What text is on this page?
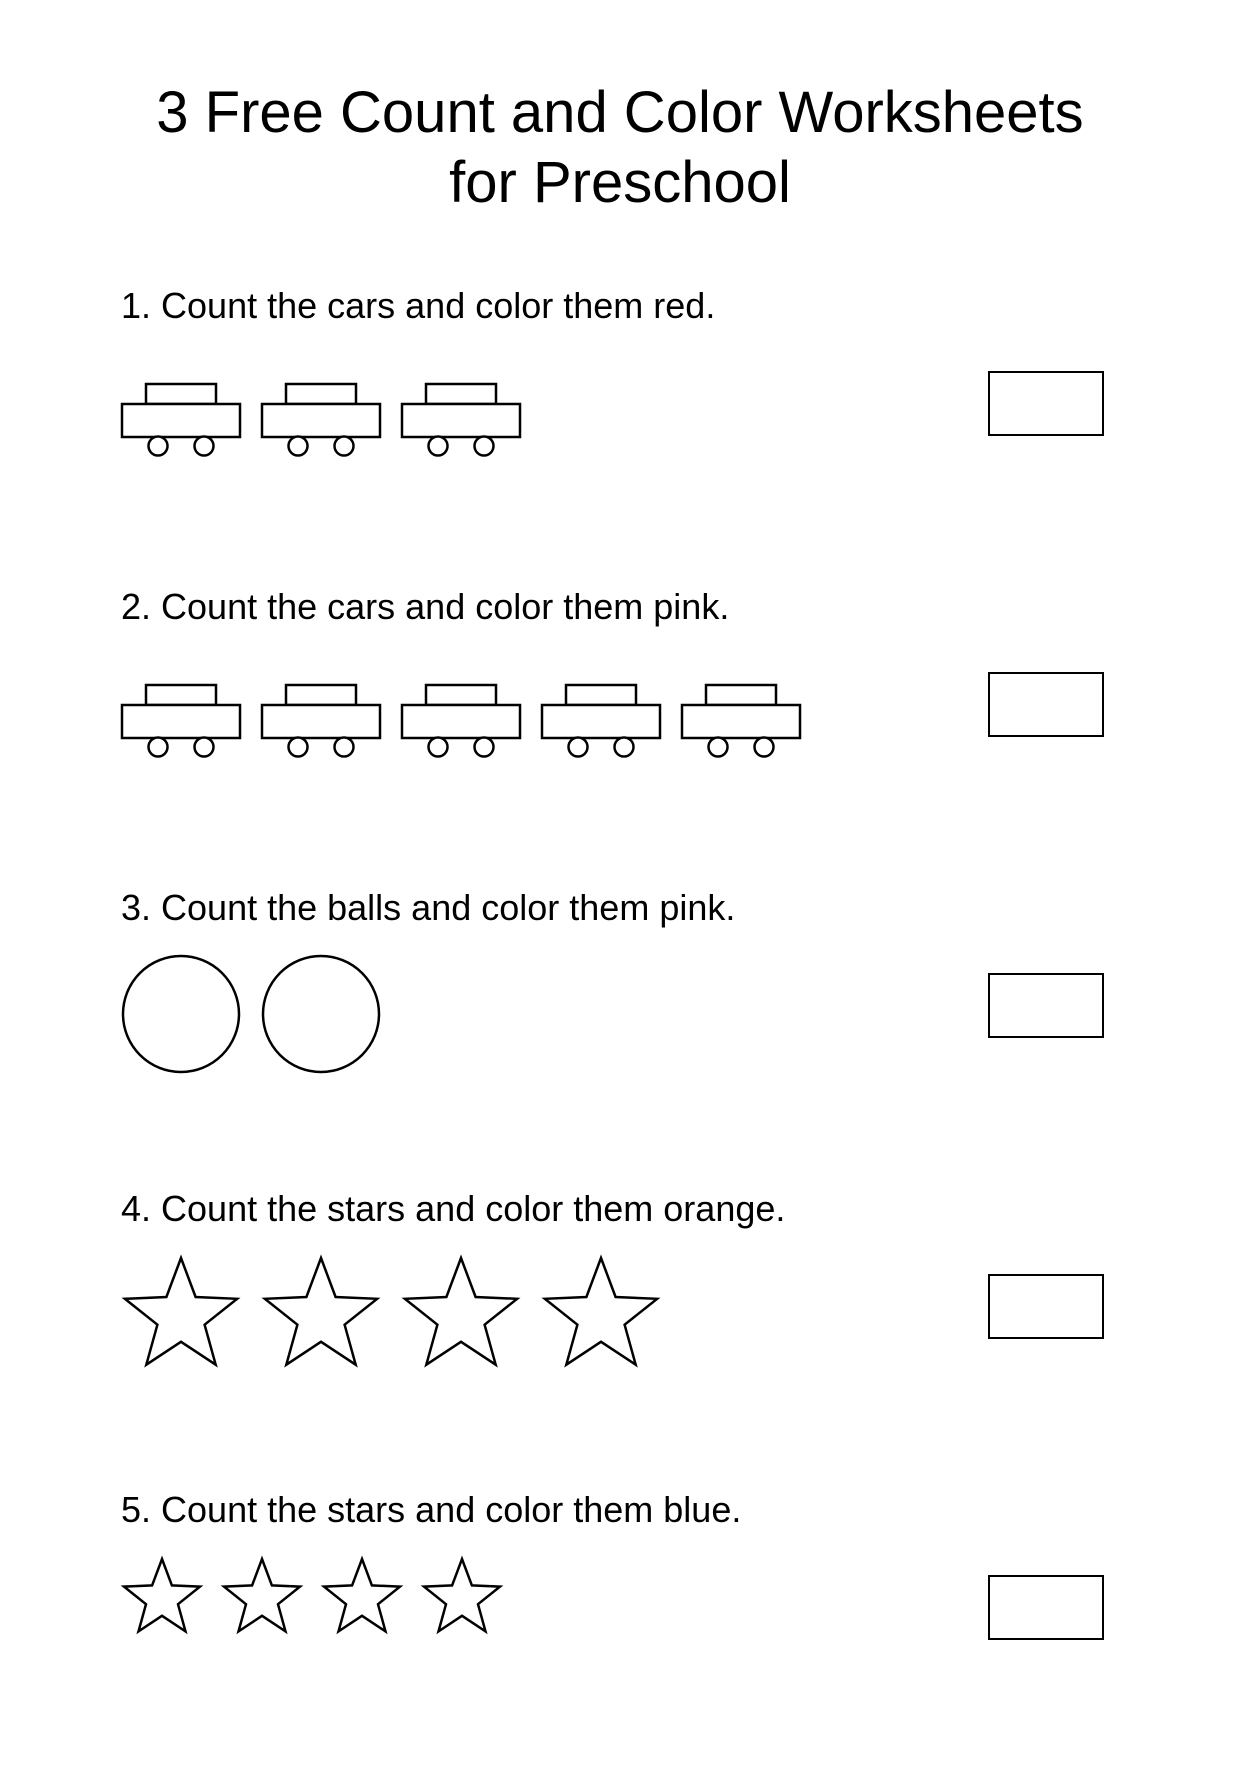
3 Free Count and Color Worksheets
for Preschool
1. Count the cars and color them red.
2. Count the cars and color them pink.
3. Count the balls and color them pink.
4. Count the stars and color them orange.
5. Count the stars and color them blue.
